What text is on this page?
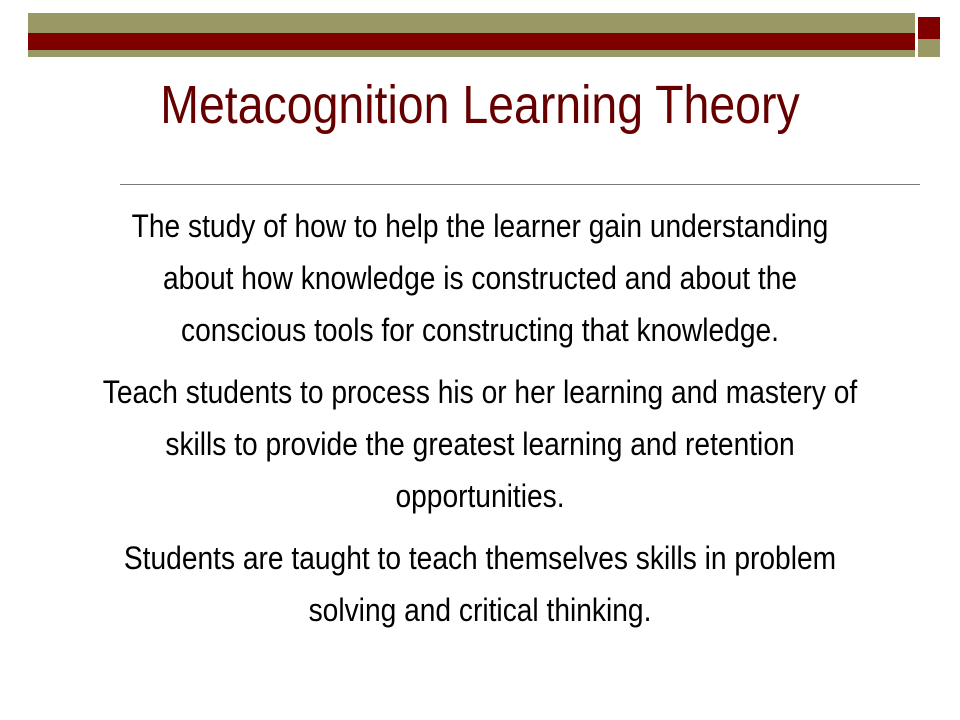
Metacognition Learning Theory

The study of how to help the learner gain understanding about how knowledge is constructed and about the conscious tools for constructing that knowledge.

Teach students to process his or her learning and mastery of skills to provide the greatest learning and retention opportunities.

Students are taught to teach themselves skills in problem solving and critical thinking.
